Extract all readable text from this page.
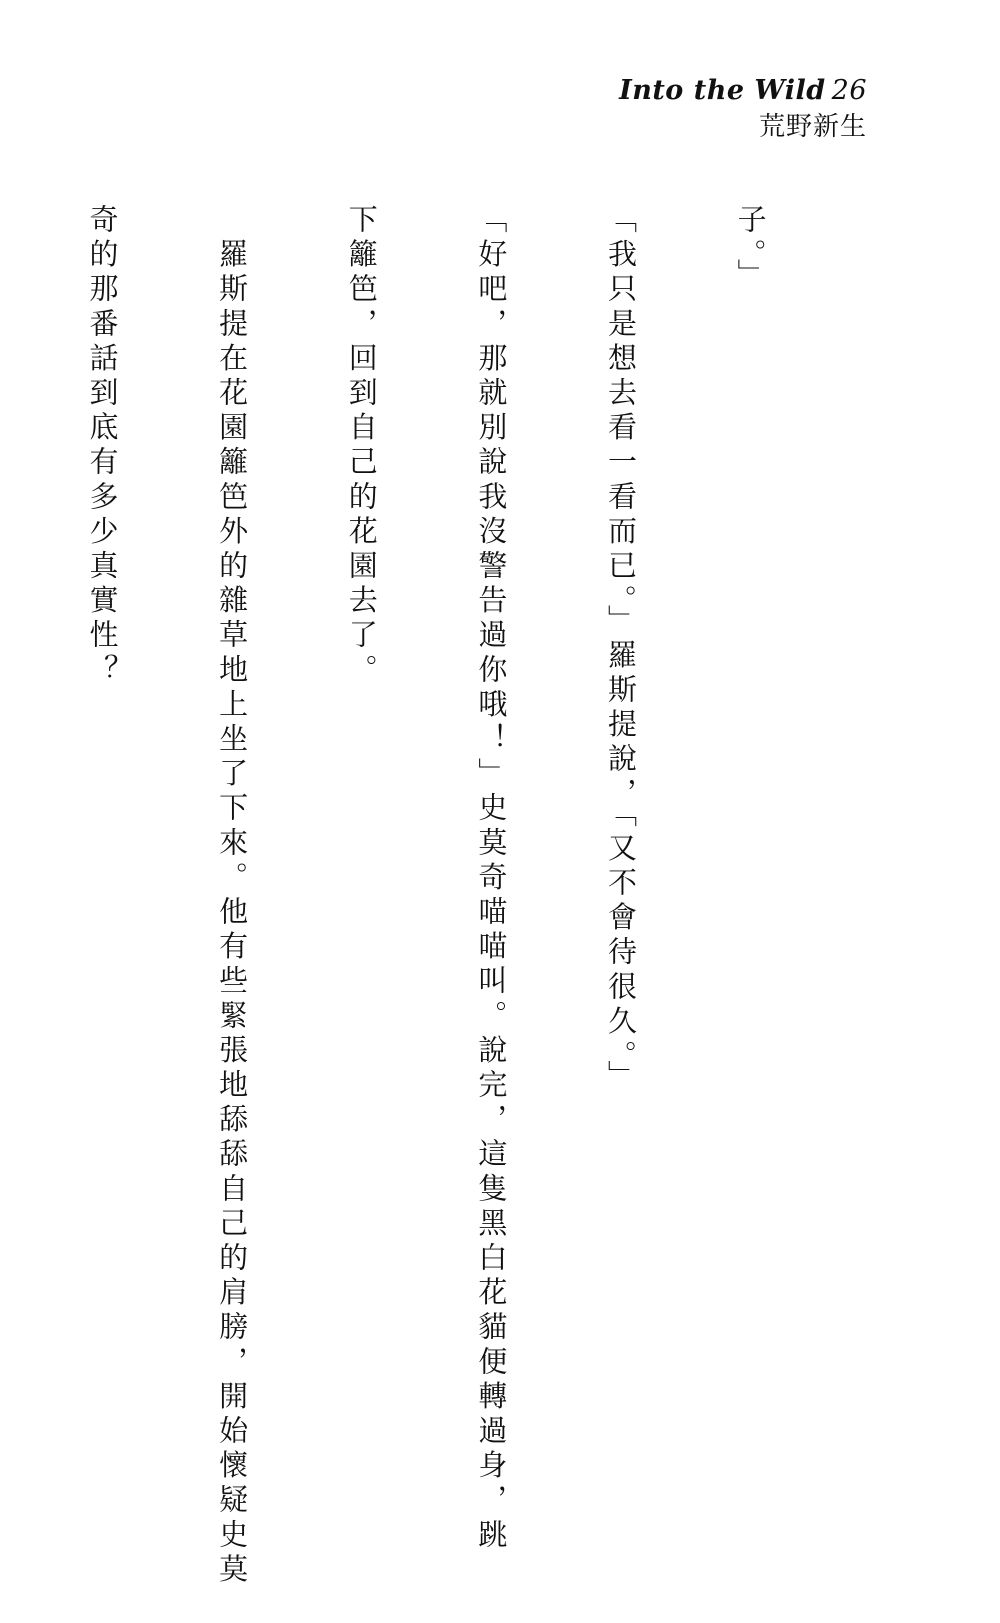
Into the Wild 26
荒野新生

子。」

「我只是想去看一看而已。」羅斯提說，「又不會待很久。」

「好吧，那就別說我沒警告過你哦！」史莫奇喵喵叫。說完，這隻黑白花貓便轉過身，跳

下籬笆，回到自己的花園去了。

　羅斯提在花園籬笆外的雜草地上坐了下來。他有些緊張地舔舔自己的肩膀，開始懷疑史莫

奇的那番話到底有多少真實性？
